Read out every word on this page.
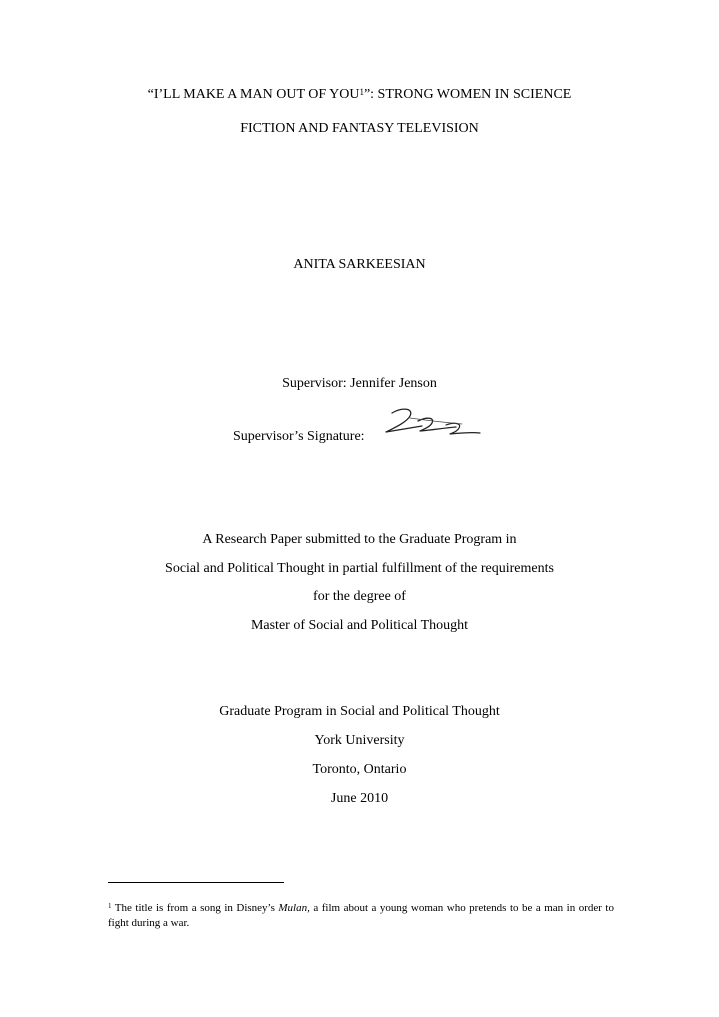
“I’LL MAKE A MAN OUT OF YOU$^1$”: STRONG WOMEN IN SCIENCE
FICTION AND FANTASY TELEVISION
ANITA SARKEESIAN
Supervisor: Jennifer Jenson
Supervisor’s Signature:
A Research Paper submitted to the Graduate Program in
Social and Political Thought in partial fulfillment of the requirements
for the degree of
Master of Social and Political Thought
Graduate Program in Social and Political Thought
York University
Toronto, Ontario
June 2010
$^1$ The title is from a song in Disney’s Mulan, a film about a young woman who pretends to be a man in order to fight during a war.
